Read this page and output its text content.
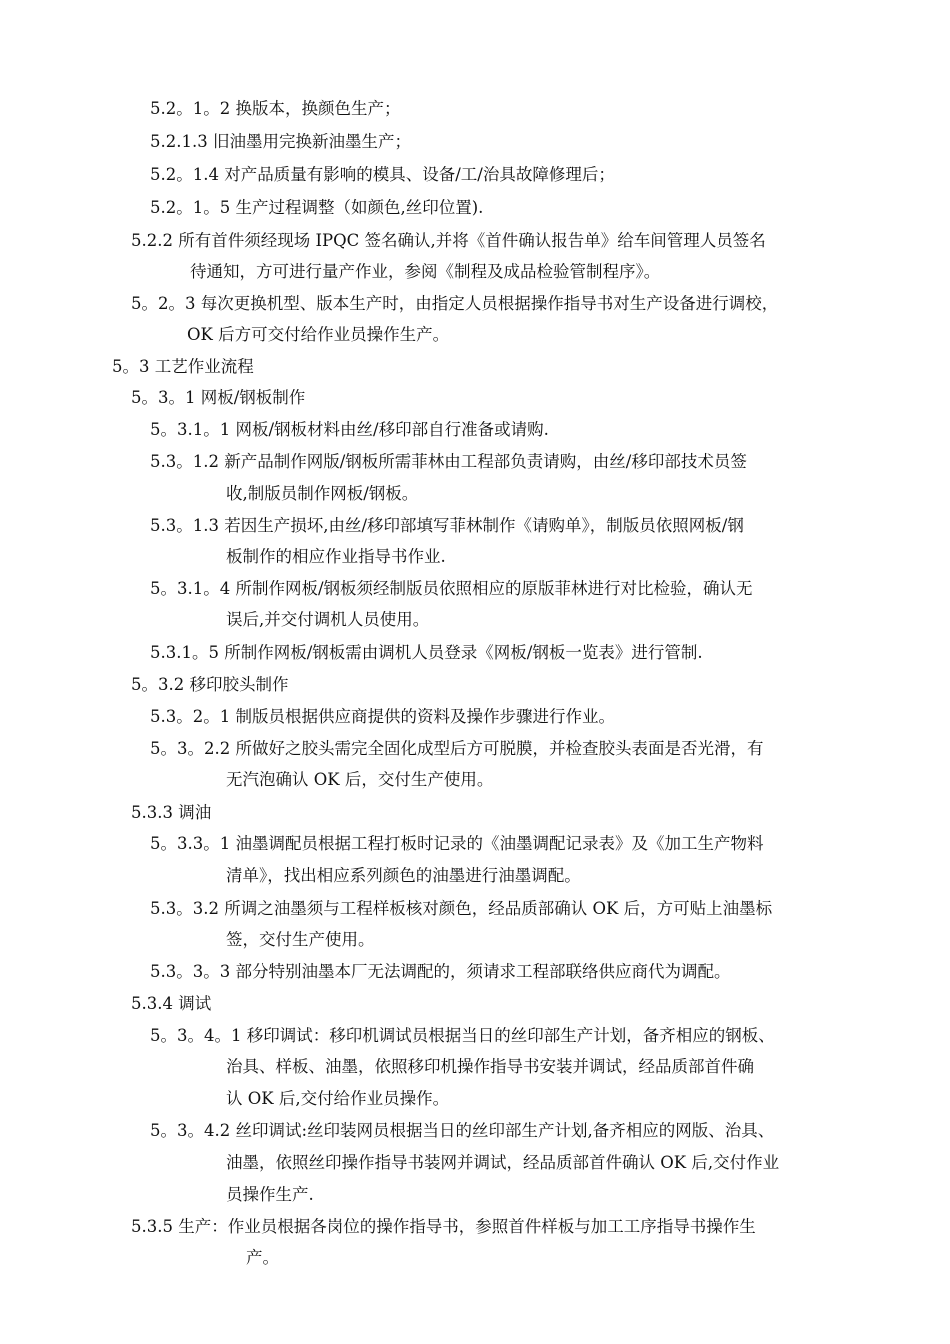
5.2。1。2 换版本，换颜色生产；
5.2.1.3 旧油墨用完换新油墨生产；
5.2。1.4 对产品质量有影响的模具、设备/工/治具故障修理后；
5.2。1。5 生产过程调整（如颜色,丝印位置).
5.2.2 所有首件须经现场 IPQC 签名确认,并将《首件确认报告单》给车间管理人员签名
待通知，方可进行量产作业，参阅《制程及成品检验管制程序》。
5。2。3 每次更换机型、版本生产时，由指定人员根据操作指导书对生产设备进行调校，
OK 后方可交付给作业员操作生产。
5。3 工艺作业流程
5。3。1 网板/钢板制作
5。3.1。1 网板/钢板材料由丝/移印部自行准备或请购.
5.3。1.2 新产品制作网版/钢板所需菲林由工程部负责请购，由丝/移印部技术员签
收,制版员制作网板/钢板。
5.3。1.3 若因生产损坏,由丝/移印部填写菲林制作《请购单》，制版员依照网板/钢
板制作的相应作业指导书作业.
5。3.1。4 所制作网板/钢板须经制版员依照相应的原版菲林进行对比检验，确认无
误后,并交付调机人员使用。
5.3.1。5 所制作网板/钢板需由调机人员登录《网板/钢板一览表》进行管制.
5。3.2 移印胶头制作
5.3。2。1 制版员根据供应商提供的资料及操作步骤进行作业。
5。3。2.2 所做好之胶头需完全固化成型后方可脱膜，并检查胶头表面是否光滑，有
无汽泡确认 OK 后，交付生产使用。
5.3.3 调油
5。3.3。1 油墨调配员根据工程打板时记录的《油墨调配记录表》及《加工生产物料
清单》，找出相应系列颜色的油墨进行油墨调配。
5.3。3.2 所调之油墨须与工程样板核对颜色，经品质部确认 OK 后，方可贴上油墨标
签，交付生产使用。
5.3。3。3 部分特别油墨本厂无法调配的，须请求工程部联络供应商代为调配。
5.3.4 调试
5。3。4。1 移印调试：移印机调试员根据当日的丝印部生产计划，备齐相应的钢板、
治具、样板、油墨，依照移印机操作指导书安装并调试，经品质部首件确
认 OK 后,交付给作业员操作。
5。3。4.2 丝印调试:丝印装网员根据当日的丝印部生产计划,备齐相应的网版、治具、
油墨，依照丝印操作指导书装网并调试，经品质部首件确认 OK 后,交付作业
员操作生产.
5.3.5 生产：作业员根据各岗位的操作指导书，参照首件样板与加工工序指导书操作生
产。
